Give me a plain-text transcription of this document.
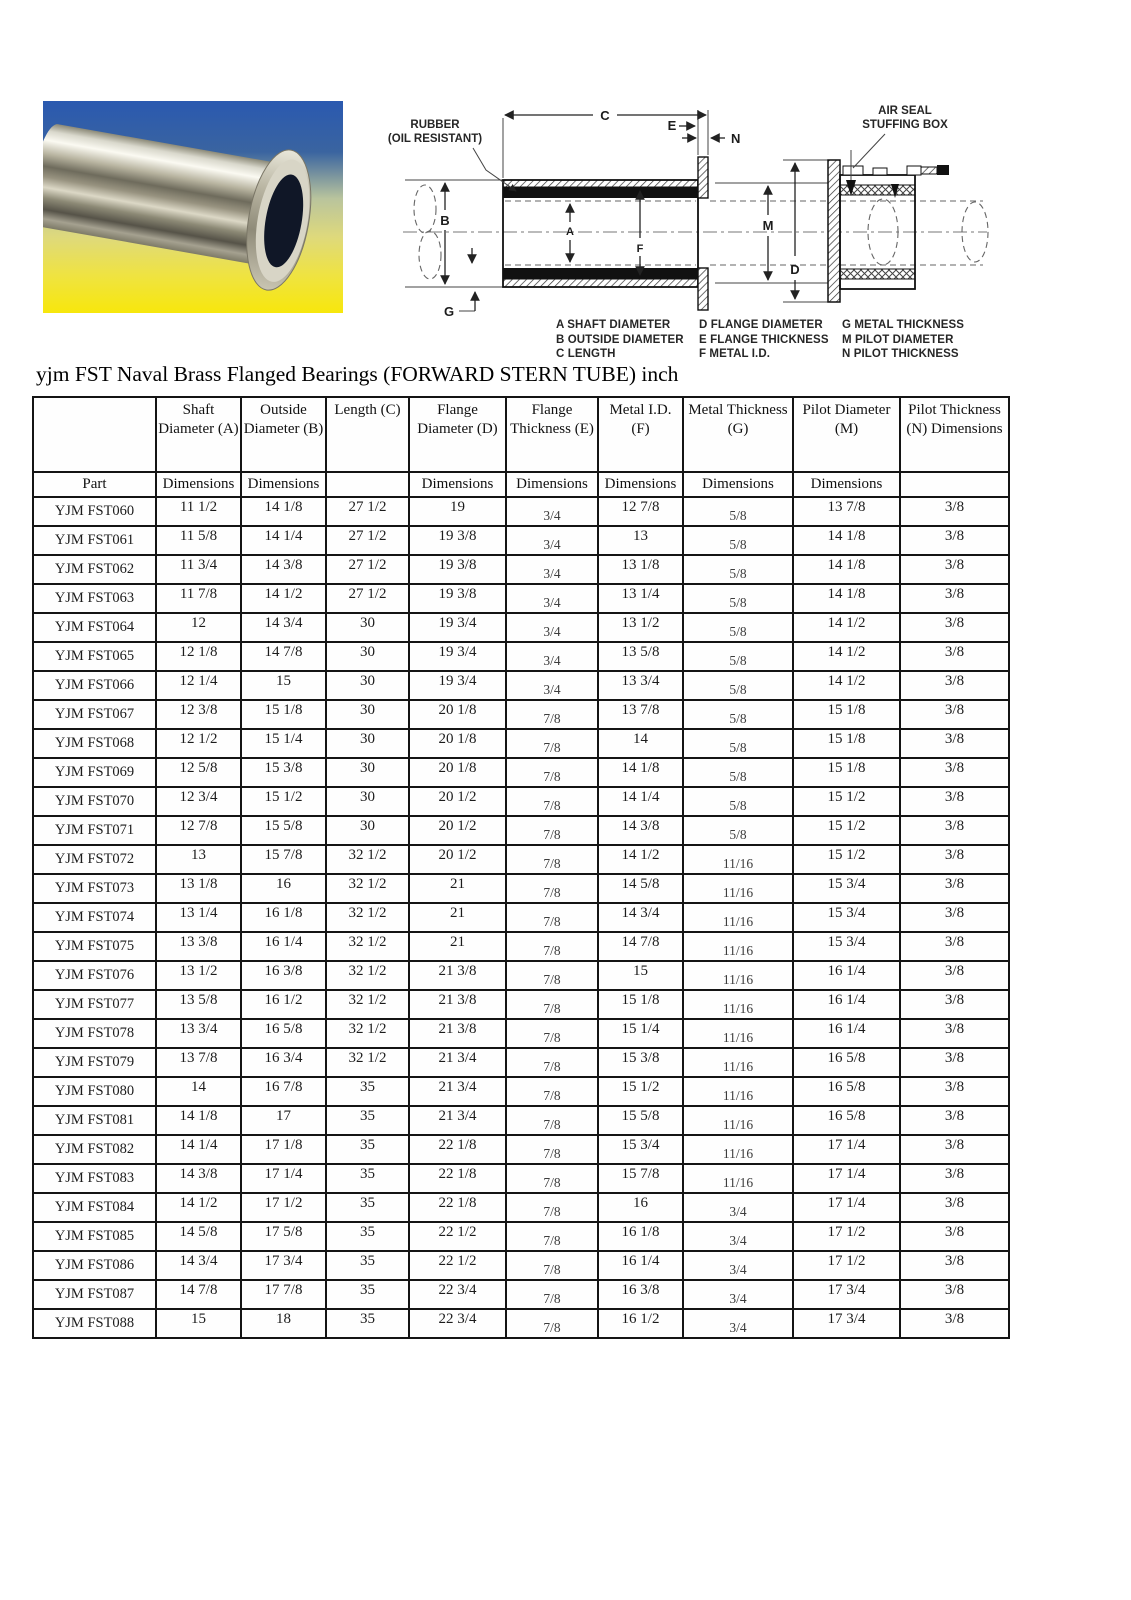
C
E
N
B
A
F
G
M
D
RUBBER
(OIL RESISTANT)
AIR SEAL
STUFFING BOX
A SHAFT DIAMETER
B OUTSIDE DIAMETER
C LENGTH
D FLANGE DIAMETER
E FLANGE THICKNESS
F METAL I.D.
G METAL THICKNESS
M PILOT DIAMETER
N PILOT THICKNESS
yjm FST Naval Brass Flanged Bearings (FORWARD STERN TUBE) inch
	Shaft Diameter (A)	Outside Diameter (B)	Length (C)	Flange Diameter (D)	Flange Thickness (E)	Metal I.D. (F)	Metal Thickness (G)	Pilot Diameter (M)	Pilot Thickness (N) Dimensions
Part	Dimensions	Dimensions		Dimensions	Dimensions	Dimensions	Dimensions	Dimensions	
YJM FST060	11 1/2	14 1/8	27 1/2	19	3/4	12 7/8	5/8	13 7/8	3/8
YJM FST061	11 5/8	14 1/4	27 1/2	19 3/8	3/4	13	5/8	14 1/8	3/8
YJM FST062	11 3/4	14 3/8	27 1/2	19 3/8	3/4	13 1/8	5/8	14 1/8	3/8
YJM FST063	11 7/8	14 1/2	27 1/2	19 3/8	3/4	13 1/4	5/8	14 1/8	3/8
YJM FST064	12	14 3/4	30	19 3/4	3/4	13 1/2	5/8	14 1/2	3/8
YJM FST065	12 1/8	14 7/8	30	19 3/4	3/4	13 5/8	5/8	14 1/2	3/8
YJM FST066	12 1/4	15	30	19 3/4	3/4	13 3/4	5/8	14 1/2	3/8
YJM FST067	12 3/8	15 1/8	30	20 1/8	7/8	13 7/8	5/8	15 1/8	3/8
YJM FST068	12 1/2	15 1/4	30	20 1/8	7/8	14	5/8	15 1/8	3/8
YJM FST069	12 5/8	15 3/8	30	20 1/8	7/8	14 1/8	5/8	15 1/8	3/8
YJM FST070	12 3/4	15 1/2	30	20 1/2	7/8	14 1/4	5/8	15 1/2	3/8
YJM FST071	12 7/8	15 5/8	30	20 1/2	7/8	14 3/8	5/8	15 1/2	3/8
YJM FST072	13	15 7/8	32 1/2	20 1/2	7/8	14 1/2	11/16	15 1/2	3/8
YJM FST073	13 1/8	16	32 1/2	21	7/8	14 5/8	11/16	15 3/4	3/8
YJM FST074	13 1/4	16 1/8	32 1/2	21	7/8	14 3/4	11/16	15 3/4	3/8
YJM FST075	13 3/8	16 1/4	32 1/2	21	7/8	14 7/8	11/16	15 3/4	3/8
YJM FST076	13 1/2	16 3/8	32 1/2	21 3/8	7/8	15	11/16	16 1/4	3/8
YJM FST077	13 5/8	16 1/2	32 1/2	21 3/8	7/8	15 1/8	11/16	16 1/4	3/8
YJM FST078	13 3/4	16 5/8	32 1/2	21 3/8	7/8	15 1/4	11/16	16 1/4	3/8
YJM FST079	13 7/8	16 3/4	32 1/2	21 3/4	7/8	15 3/8	11/16	16 5/8	3/8
YJM FST080	14	16 7/8	35	21 3/4	7/8	15 1/2	11/16	16 5/8	3/8
YJM FST081	14 1/8	17	35	21 3/4	7/8	15 5/8	11/16	16 5/8	3/8
YJM FST082	14 1/4	17 1/8	35	22 1/8	7/8	15 3/4	11/16	17 1/4	3/8
YJM FST083	14 3/8	17 1/4	35	22 1/8	7/8	15 7/8	11/16	17 1/4	3/8
YJM FST084	14 1/2	17 1/2	35	22 1/8	7/8	16	3/4	17 1/4	3/8
YJM FST085	14 5/8	17 5/8	35	22 1/2	7/8	16 1/8	3/4	17 1/2	3/8
YJM FST086	14 3/4	17 3/4	35	22 1/2	7/8	16 1/4	3/4	17 1/2	3/8
YJM FST087	14 7/8	17 7/8	35	22 3/4	7/8	16 3/8	3/4	17 3/4	3/8
YJM FST088	15	18	35	22 3/4	7/8	16 1/2	3/4	17 3/4	3/8
